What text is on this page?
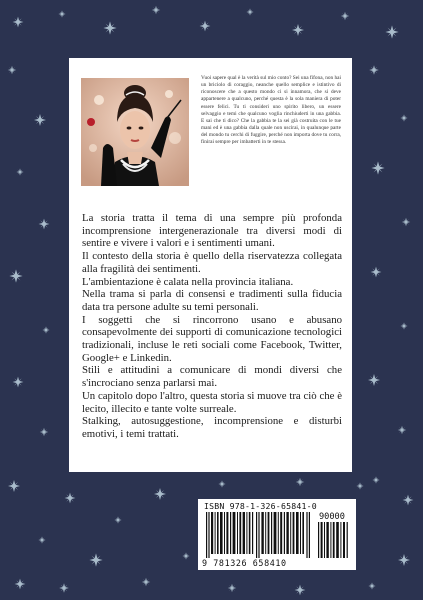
Vuoi sapere qual è la verità sul mio conto? Sei una fifona, non hai un briciolo di coraggio, neanche quello semplice e istintivo di riconoscere che a questo mondo ci si innamora, che si deve appartenere a qualcuno, perché questa è la sola maniera di poter essere felici. Tu ti consideri uno spirito libero, un essere selvaggio e temi che qualcuno voglia rinchiuderti in una gabbia. E sai che ti dico? Che la gabbia te la sei già costruita con le tue mani ed è una gabbia dalla quale non uscirai, in qualunque parte del mondo tu cerchi di fuggire, perché non importa dove tu corra, finirai sempre per imbatterti in te stessa.

La storia tratta il tema di una sempre più profonda incomprensione intergenerazionale tra diversi modi di sentire e vivere i valori e i sentimenti umani.

Il contesto della storia è quello della riservatezza collegata alla fragilità dei sentimenti.

L'ambientazione è calata nella provincia italiana.

Nella trama si parla di consensi e tradimenti sulla fiducia data tra persone adulte su temi personali.

I soggetti che si rincorrono usano e abusano consapevolmente dei supporti di comunicazione tecnologici tradizionali, incluse le reti sociali come Facebook, Twitter, Google+ e Linkedin.

Stili e attitudini a comunicare di mondi diversi che s'incrociano senza parlarsi mai.

Un capitolo dopo l'altro, questa storia si muove tra ciò che è lecito, illecito e tante volte surreale.

Stalking, autosuggestione, incomprensione e disturbi emotivi, i temi trattati.

ISBN 978-1-326-65841-0
90000
9 781326 658410
